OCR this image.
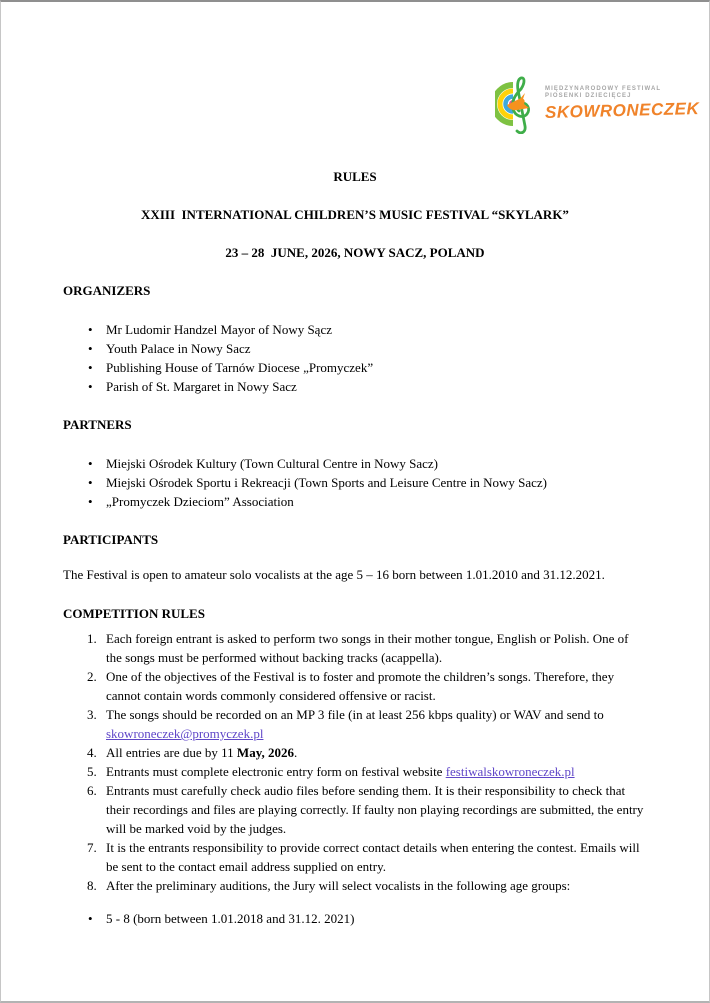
MIĘDZYNARODOWY FESTIWAL
PIOSENKI DZIECIĘCEJ
SKOWRONECZEK
RULES
XXIII  INTERNATIONAL CHILDREN’S MUSIC FESTIVAL “SKYLARK”
23 – 28  JUNE, 2026, NOWY SACZ, POLAND
ORGANIZERS
• Mr Ludomir Handzel Mayor of Nowy Sącz
• Youth Palace in Nowy Sacz
• Publishing House of Tarnów Diocese „Promyczek”
• Parish of St. Margaret in Nowy Sacz
PARTNERS
• Miejski Ośrodek Kultury (Town Cultural Centre in Nowy Sacz)
• Miejski Ośrodek Sportu i Rekreacji (Town Sports and Leisure Centre in Nowy Sacz)
• „Promyczek Dzieciom” Association
PARTICIPANTS
The Festival is open to amateur solo vocalists at the age 5 – 16 born between 1.01.2010 and 31.12.2021.
COMPETITION RULES
Each foreign entrant is asked to perform two songs in their mother tongue, English or Polish. One of the songs must be performed without backing tracks (acappella).
One of the objectives of the Festival is to foster and promote the children’s songs. Therefore, they cannot contain words commonly considered offensive or racist.
The songs should be recorded on an MP 3 file (in at least 256 kbps quality) or WAV and send to skowroneczek@promyczek.pl
All entries are due by 11 May, 2026.
Entrants must complete electronic entry form on festival website festiwalskowroneczek.pl
Entrants must carefully check audio files before sending them. It is their responsibility to check that their recordings and files are playing correctly. If faulty non playing recordings are submitted, the entry will be marked void by the judges.
It is the entrants responsibility to provide correct contact details when entering the contest. Emails will be sent to the contact email address supplied on entry.
After the preliminary auditions, the Jury will select vocalists in the following age groups:
• 5 - 8 (born between 1.01.2018 and 31.12. 2021)
